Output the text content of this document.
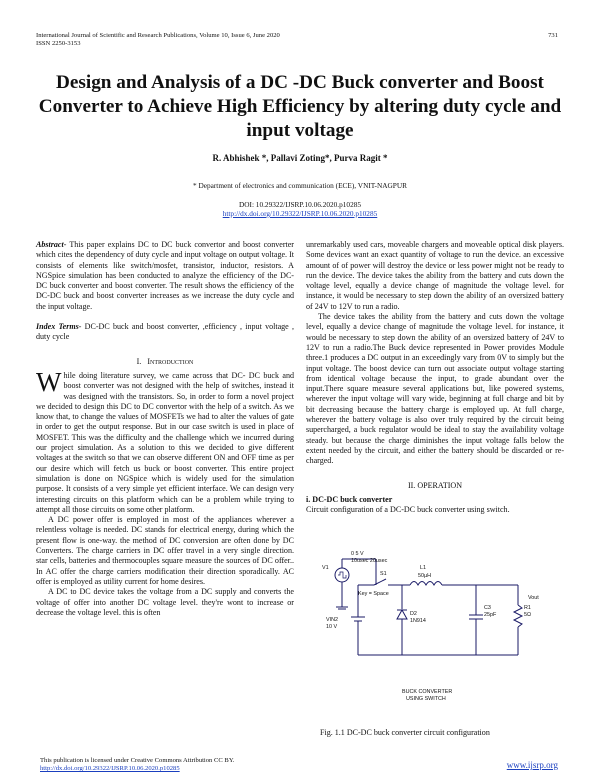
International Journal of Scientific and Research Publications, Volume 10, Issue 6, June 2020
ISSN 2250-3153
731
Design and Analysis of a DC -DC Buck converter and Boost Converter to Achieve High Efficiency by altering duty cycle and input voltage
R. Abhishek *, Pallavi Zoting*, Purva Ragit *
* Department of electronics and communication (ECE), VNIT-NAGPUR
DOI: 10.29322/IJSRP.10.06.2020.p10285
http://dx.doi.org/10.29322/IJSRP.10.06.2020.p10285

Abstract- This paper explains DC to DC buck convertor and boost converter which cites the dependency of duty cycle and input voltage on output voltage. It consists of elements like switch/mosfet, transistor, inductor, resistors. A NGSpice simulation has been conducted to analyze the efficiency of the DC-DC buck converter and boost converter. The result shows the efficiency of the DC-DC buck and boost converter increases as we increase the duty cycle and the input voltage.

Index Terms- DC-DC buck and boost converter, ,efficiency , input voltage , duty cycle

I. Introduction

While doing literature survey, we came across that DC- DC buck and boost converter was not designed with the help of switches, instead it was designed with the transistors. So, in order to form a novel project we decided to design this DC to DC convertor with the help of a switch. As we know that, to change the values of MOSFETs we had to alter the values of gate in order to get the output response. But in our case switch is used in place of MOSFET. This was the difficulty and the challenge which we incurred during our project simulation. As a solution to this we decided to give different voltages at the switch so that we can observe different ON and OFF time as per our desire which will fetch us buck or boost converter. This entire project simulation is done on NGSpice which is widely used for the simulation purpose. It consists of a very simple yet efficient interface. We can design very interesting circuits on this platform which can be a problem while trying to attempt all those circuits on some other platform.

A DC power offer is employed in most of the appliances wherever a relentless voltage is needed. DC stands for electrical energy, during which the present flow is one-way. the method of DC conversion are often done by DC Converters. The charge carriers in DC offer travel in a very single direction. star cells, batteries and thermocouples square measure the sources of DC offer.. In AC offer the charge carriers modification their direction sporadically. AC offer is employed as utility current for home desires.

A DC to DC device takes the voltage from a DC supply and converts the voltage of offer into another DC voltage level. they're wont to increase or decrease the voltage level. this is often

unremarkably used cars, moveable chargers and moveable optical disk players. Some devices want an exact quantity of voltage to run the device. an excessive amount of of power will destroy the device or less power might not be ready to run the device. The device takes the ability from the battery and cuts down the voltage level, equally a device change of magnitude the voltage level. for instance, it would be necessary to step down the ability of an oversized battery of 24V to 12V to run a radio.

The device takes the ability from the battery and cuts down the voltage level, equally a device change of magnitude the voltage level. for instance, it would be necessary to step down the ability of an oversized battery of 24V to 12V to run a radio.The Buck device represented in Power provides Module three.1 produces a DC output in an exceedingly vary from 0V to simply but the input voltage. The boost device can turn out associate output voltage starting from identical voltage because the input, to grade abundant over the input.There square measure several applications but, like powered systems, wherever the input voltage will vary wide, beginning at full charge and bit by bit decreasing because the battery charge is employed up. At full charge, wherever the battery voltage is also over truly required by the circuit being supercharged, a buck regulator would be ideal to stay the availability voltage steady. but because the charge diminishes the input voltage falls below the extent needed by the circuit, and either the battery should be discarded or re-charged.

II. OPERATION

i. DC-DC buck converter

Circuit configuration of a DC-DC buck converter using switch.

V1
0 5 V
10usec 20usec
S1
Key = Space
L1
50µH
VIN2
10 V
D2
1N914
C3
25pF
R1
5Ω
Vout
BUCK CONVERTER
USING SWITCH
Fig. 1.1 DC-DC buck converter circuit configuration
This publication is licensed under Creative Commons Attribution CC BY.
http://dx.doi.org/10.29322/IJSRP.10.06.2020.p10285	www.ijsrp.org
